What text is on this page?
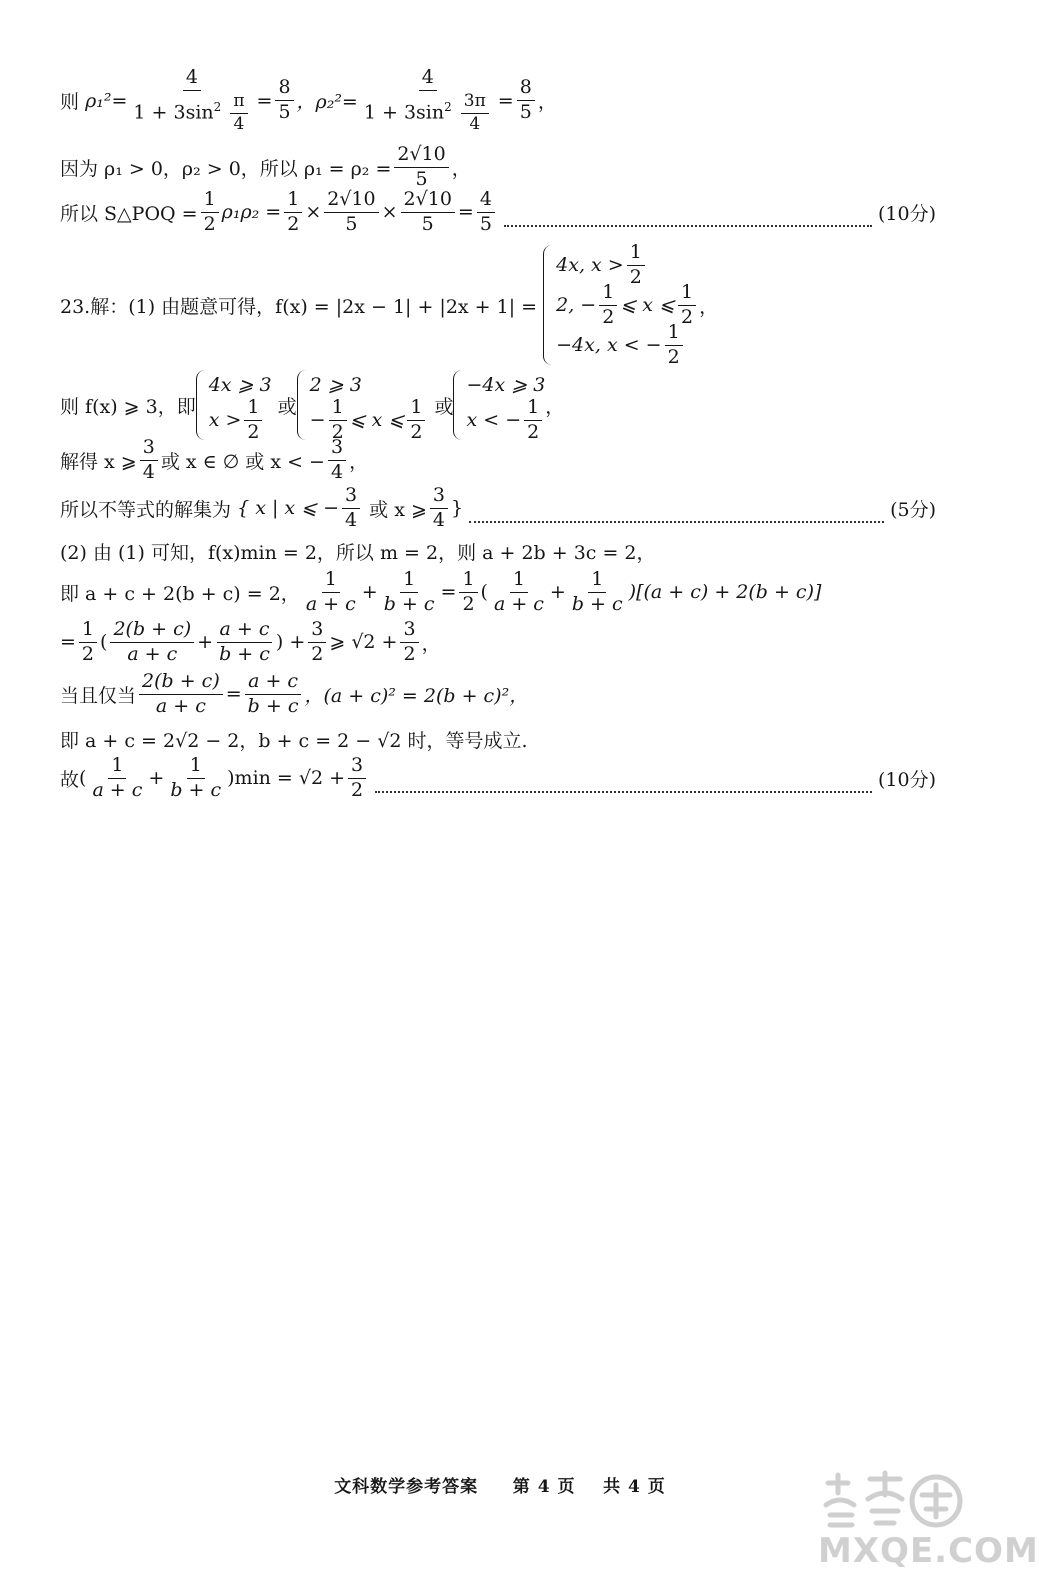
则
$\rho_1^2= \frac{4}{1 + 3\sin^2 \frac{\pi}{4}} = \frac{8}{5}$ ，$\rho_2^2= \frac{4}{1 + 3\sin^2 \frac{3\pi}{4}} = \frac{8}{5}$ ，
因为 ρ₁ > 0，ρ₂ > 0，所以 $\rho_1 = \rho_2 = \frac{2√10}{5}$ ，
所以 S△POQ = $\frac{1}{2} \rho_1\rho_2 = \frac{1}{2} \times \frac{2√10}{5} \times \frac{2√10}{5} = \frac{4}{5}$	(10分)
23.解：(1) 由题意可得，f(x) = |2x − 1| + |2x + 1| =

4x, $x > \frac{1}{2}$
2, − $\frac{1}{2}$ ⩽ x ⩽ $\frac{1}{2}$ ，
−4x, x < − $\frac{1}{2}$
则 f(x) ⩾ 3，即
4x ⩾ 3
$x > \frac{1}{2}$
或
2 ⩾ 3
− $\frac{1}{2}$ ⩽ x ⩽ $\frac{1}{2}$
或
−4x ⩾ 3
x < − $\frac{1}{2}$ ，
解得 x ⩾ $\frac{3}{4}$ 或 x ∈ ∅ 或 x < − $\frac{3}{4}$ ，
所以不等式的解集为
{ x | x ⩽ − $\frac{3}{4}$
或 x ⩾ $\frac{3}{4}$ }	(5分)
(2) 由 (1) 可知，f(x)min = 2，所以 m = 2，则 a + 2b + 3c = 2，
即 a + c + 2(b + c) = 2， $\frac{1}{a + c} + \frac{1}{b + c} = \frac{1}{2}$ ( $\frac{1}{a + c} + \frac{1}{b + c} )[(a + c) + 2(b + c)]$
= $\frac{1}{2}$ ( $\frac{2(b + c)}{a + c} + \frac{a + c}{b + c}$ ) + $\frac{3}{2}$ ⩾ $√2 + \frac{3}{2}$ ，
当且仅当 $\frac{2(b + c)}{a + c} = \frac{a + c}{b + c}$ ，(a + c)² = 2(b + c)²，
即 a + c = 2√2 − 2，b + c = 2 − √2 时，等号成立.
故 ( $\frac{1}{a + c} + \frac{1}{b + c} )\min$ =
$√2 + \frac{3}{2}$	(10分)
文科数学参考答案 第 4 页 共 4 页
MXQE.COM
